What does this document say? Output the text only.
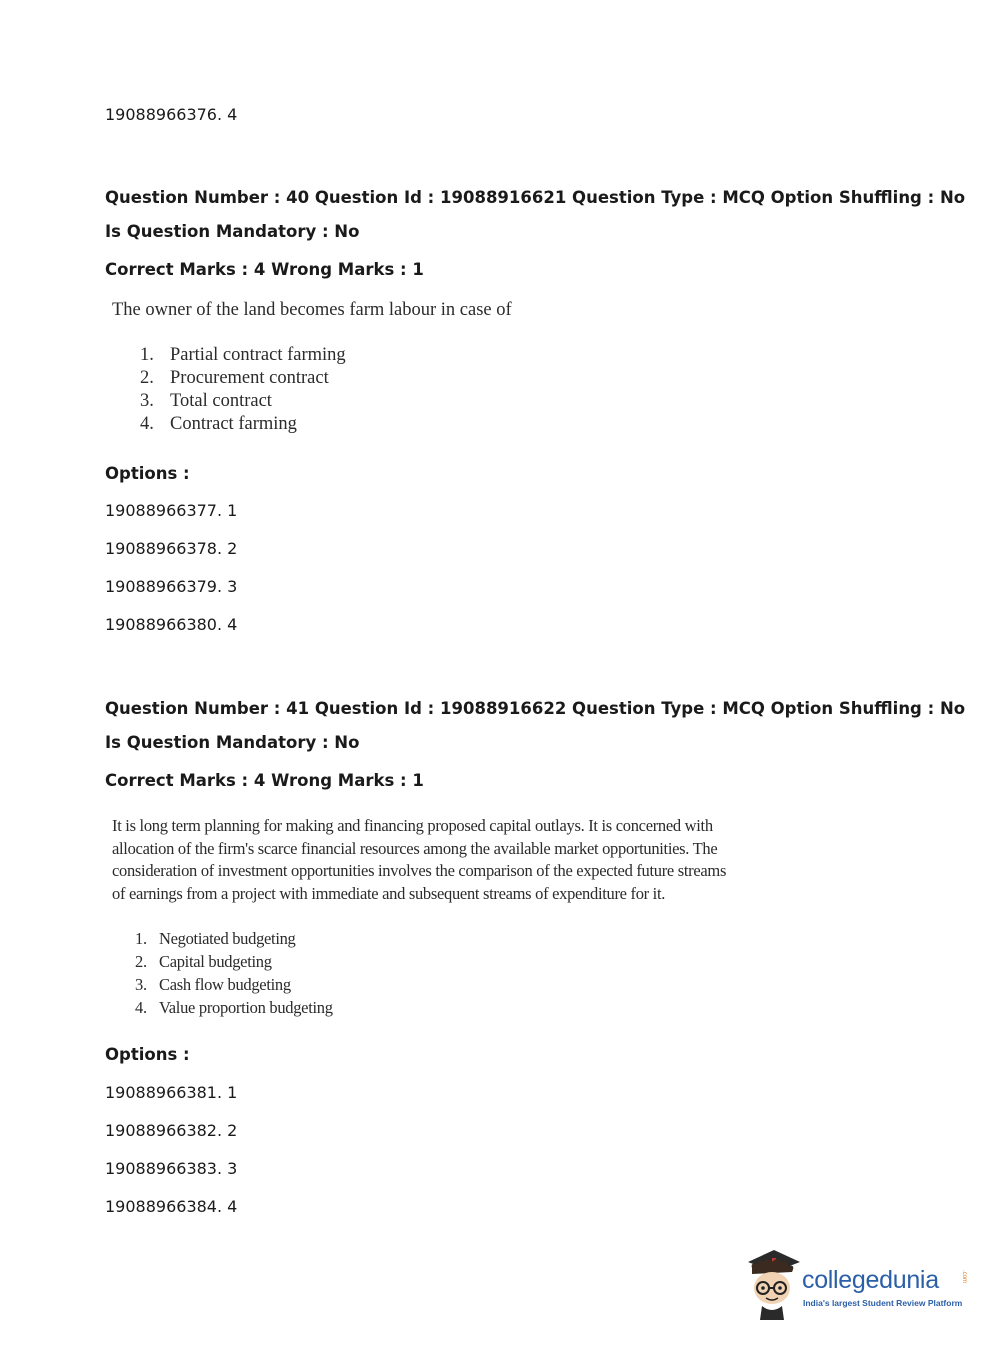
19088966376. 4
Question Number : 40 Question Id : 19088916621 Question Type : MCQ Option Shuffling : No
Is Question Mandatory : No
Correct Marks : 4 Wrong Marks : 1
The owner of the land becomes farm labour in case of
1. Partial contract farming
2. Procurement contract
3. Total contract
4. Contract farming
Options :
19088966377. 1
19088966378. 2
19088966379. 3
19088966380. 4
Question Number : 41 Question Id : 19088916622 Question Type : MCQ Option Shuffling : No
Is Question Mandatory : No
Correct Marks : 4 Wrong Marks : 1
It is long term planning for making and financing proposed capital outlays. It is concerned with
allocation of the firm's scarce financial resources among the available market opportunities. The
consideration of investment opportunities involves the comparison of the expected future streams
of earnings from a project with immediate and subsequent streams of expenditure for it.
1. Negotiated budgeting
2. Capital budgeting
3. Cash flow budgeting
4. Value proportion budgeting
Options :
19088966381. 1
19088966382. 2
19088966383. 3
19088966384. 4
collegedunia	.com
India's largest Student Review Platform
